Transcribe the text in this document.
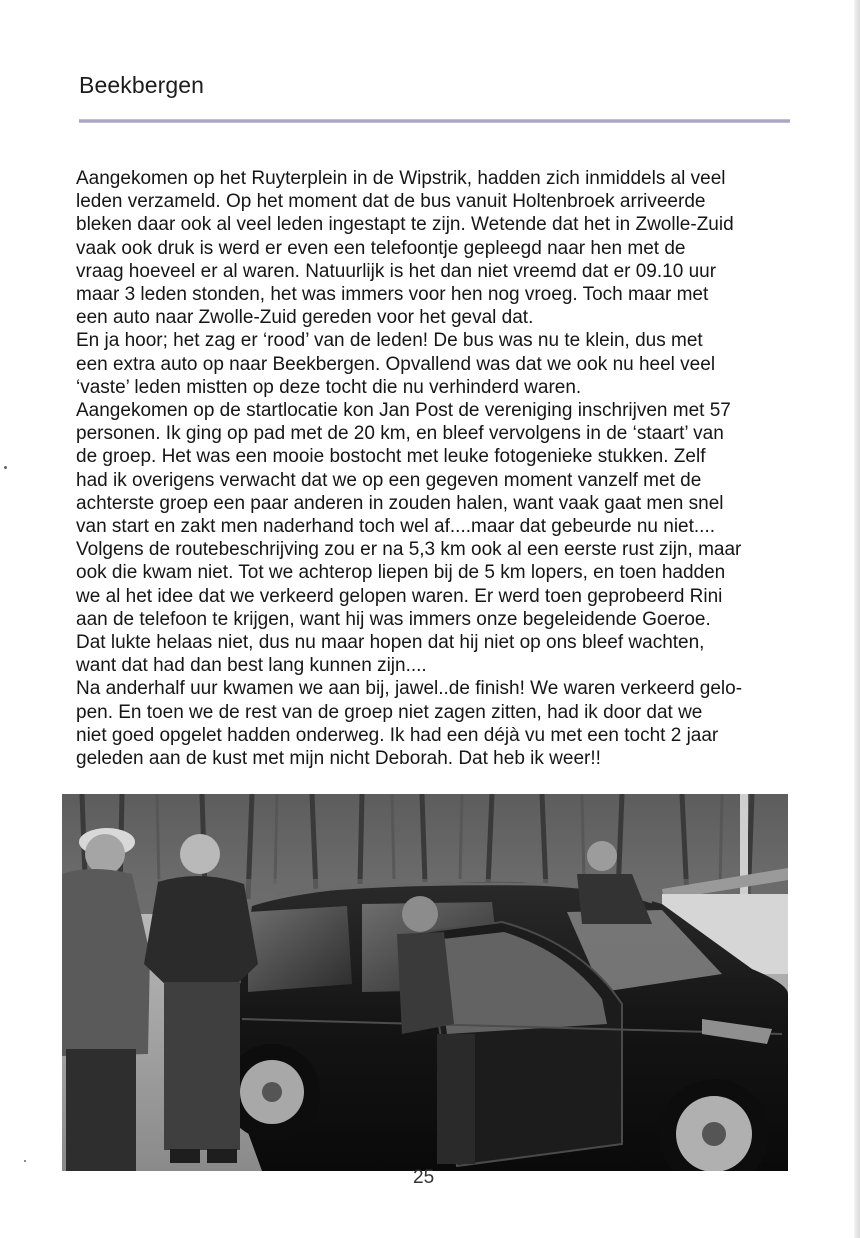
Beekbergen
Aangekomen op het Ruyterplein in de Wipstrik, hadden zich inmiddels al veel
leden verzameld. Op het moment dat de bus vanuit Holtenbroek arriveerde
bleken daar ook al veel leden ingestapt te zijn. Wetende dat het in Zwolle-Zuid
vaak ook druk is werd er even een telefoontje gepleegd naar hen met de
vraag hoeveel er al waren. Natuurlijk is het dan niet vreemd dat er 09.10 uur
maar 3 leden stonden, het was immers voor hen nog vroeg. Toch maar met
een auto naar Zwolle-Zuid gereden voor het geval dat.
En ja hoor; het zag er ‘rood’ van de leden! De bus was nu te klein, dus met
een extra auto op naar Beekbergen. Opvallend was dat we ook nu heel veel
‘vaste’ leden mistten op deze tocht die nu verhinderd waren.
Aangekomen op de startlocatie kon Jan Post de vereniging inschrijven met 57
personen. Ik ging op pad met de 20 km, en bleef vervolgens in de ‘staart’ van
de groep. Het was een mooie bostocht met leuke fotogenieke stukken. Zelf
had ik overigens verwacht dat we op een gegeven moment vanzelf met de
achterste groep een paar anderen in zouden halen, want vaak gaat men snel
van start en zakt men naderhand toch wel af....maar dat gebeurde nu niet....
Volgens de routebeschrijving zou er na 5,3 km ook al een eerste rust zijn, maar
ook die kwam niet. Tot we achterop liepen bij de 5 km lopers, en toen hadden
we al het idee dat we verkeerd gelopen waren. Er werd toen geprobeerd Rini
aan de telefoon te krijgen, want hij was immers onze begeleidende Goeroe.
Dat lukte helaas niet, dus nu maar hopen dat hij niet op ons bleef wachten,
want dat had dan best lang kunnen zijn....
Na anderhalf uur kwamen we aan bij, jawel..de finish! We waren verkeerd gelo-
pen. En toen we de rest van de groep niet zagen zitten, had ik door dat we
niet goed opgelet hadden onderweg. Ik had een déjà vu met een tocht 2 jaar
geleden aan de kust met mijn nicht Deborah. Dat heb ik weer!!
25
